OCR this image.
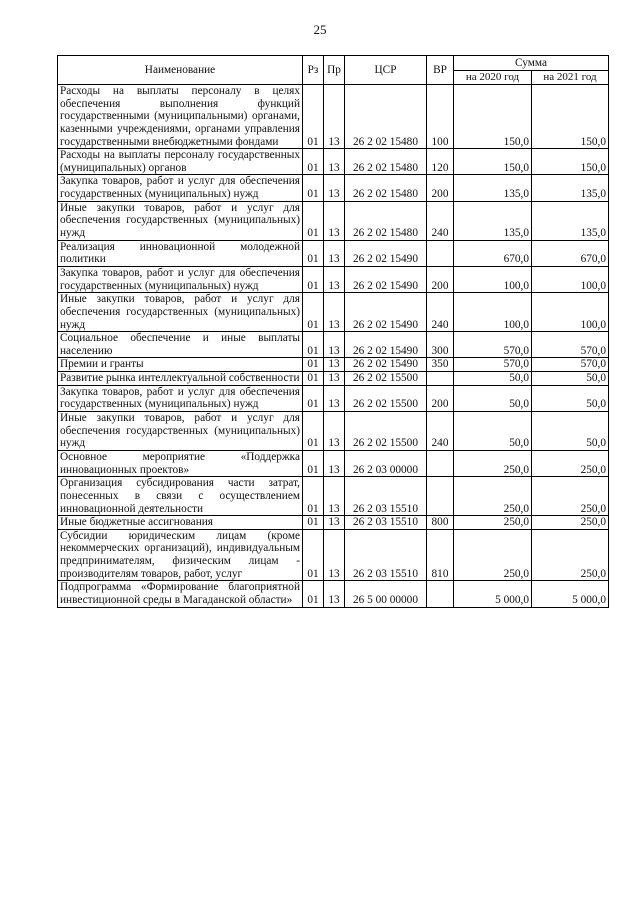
25
Наименование	Рз	Пр	ЦСР	ВР	Сумма	
					на 2020 год	на 2021 год
Расходы на выплаты персоналу в целях обеспечения выполнения функций государственными (муниципальными) органами, казенными учреждениями, органами управления государственными внебюджетными фондами	01	13	26 2 02 15480	100	150,0	150,0
Расходы на выплаты персоналу государственных (муниципальных) органов	01	13	26 2 02 15480	120	150,0	150,0
Закупка товаров, работ и услуг для обеспечения государственных (муниципальных) нужд	01	13	26 2 02 15480	200	135,0	135,0
Иные закупки товаров, работ и услуг для обеспечения государственных (муниципальных) нужд	01	13	26 2 02 15480	240	135,0	135,0
Реализация инновационной молодежной политики	01	13	26 2 02 15490		670,0	670,0
Закупка товаров, работ и услуг для обеспечения государственных (муниципальных) нужд	01	13	26 2 02 15490	200	100,0	100,0
Иные закупки товаров, работ и услуг для обеспечения государственных (муниципальных) нужд	01	13	26 2 02 15490	240	100,0	100,0
Социальное обеспечение и иные выплаты населению	01	13	26 2 02 15490	300	570,0	570,0
Премии и гранты	01	13	26 2 02 15490	350	570,0	570,0
Развитие рынка интеллектуальной собственности	01	13	26 2 02 15500		50,0	50,0
Закупка товаров, работ и услуг для обеспечения государственных (муниципальных) нужд	01	13	26 2 02 15500	200	50,0	50,0
Иные закупки товаров, работ и услуг для обеспечения государственных (муниципальных) нужд	01	13	26 2 02 15500	240	50,0	50,0
Основное мероприятие «Поддержка инновационных проектов»	01	13	26 2 03 00000		250,0	250,0
Организация субсидирования части затрат, понесенных в связи с осуществлением инновационной деятельности	01	13	26 2 03 15510		250,0	250,0
Иные бюджетные ассигнования	01	13	26 2 03 15510	800	250,0	250,0
Субсидии юридическим лицам (кроме некоммерческих организаций), индивидуальным предпринимателям, физическим лицам - производителям товаров, работ, услуг	01	13	26 2 03 15510	810	250,0	250,0
Подпрограмма «Формирование благоприятной инвестиционной среды в Магаданской области»	01	13	26 5 00 00000		5 000,0	5 000,0
